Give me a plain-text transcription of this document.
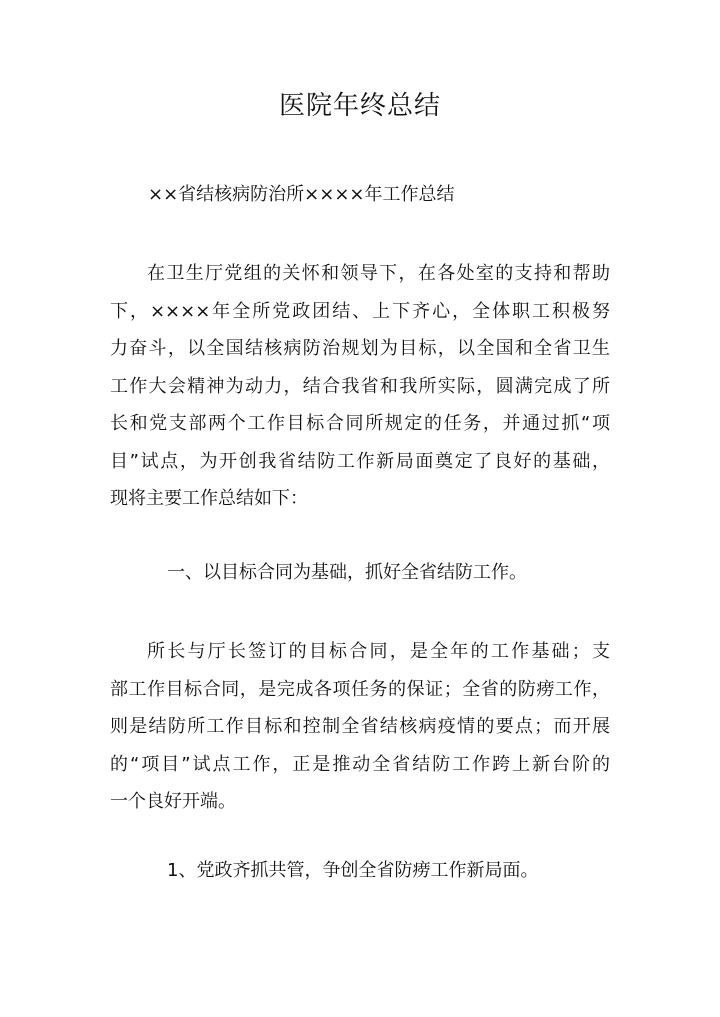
医院年终总结
××省结核病防治所××××年工作总结
在卫生厅党组的关怀和领导下，在各处室的支持和帮助
下，××××年全所党政团结、上下齐心，全体职工积极努
力奋斗，以全国结核病防治规划为目标，以全国和全省卫生
工作大会精神为动力，结合我省和我所实际，圆满完成了所
长和党支部两个工作目标合同所规定的任务，并通过抓“项
目”试点，为开创我省结防工作新局面奠定了良好的基础，
现将主要工作总结如下：
一、以目标合同为基础，抓好全省结防工作。
所长与厅长签订的目标合同，是全年的工作基础；支
部工作目标合同，是完成各项任务的保证；全省的防痨工作，
则是结防所工作目标和控制全省结核病疫情的要点；而开展
的“项目”试点工作，正是推动全省结防工作跨上新台阶的
一个良好开端。
1、党政齐抓共管，争创全省防痨工作新局面。
